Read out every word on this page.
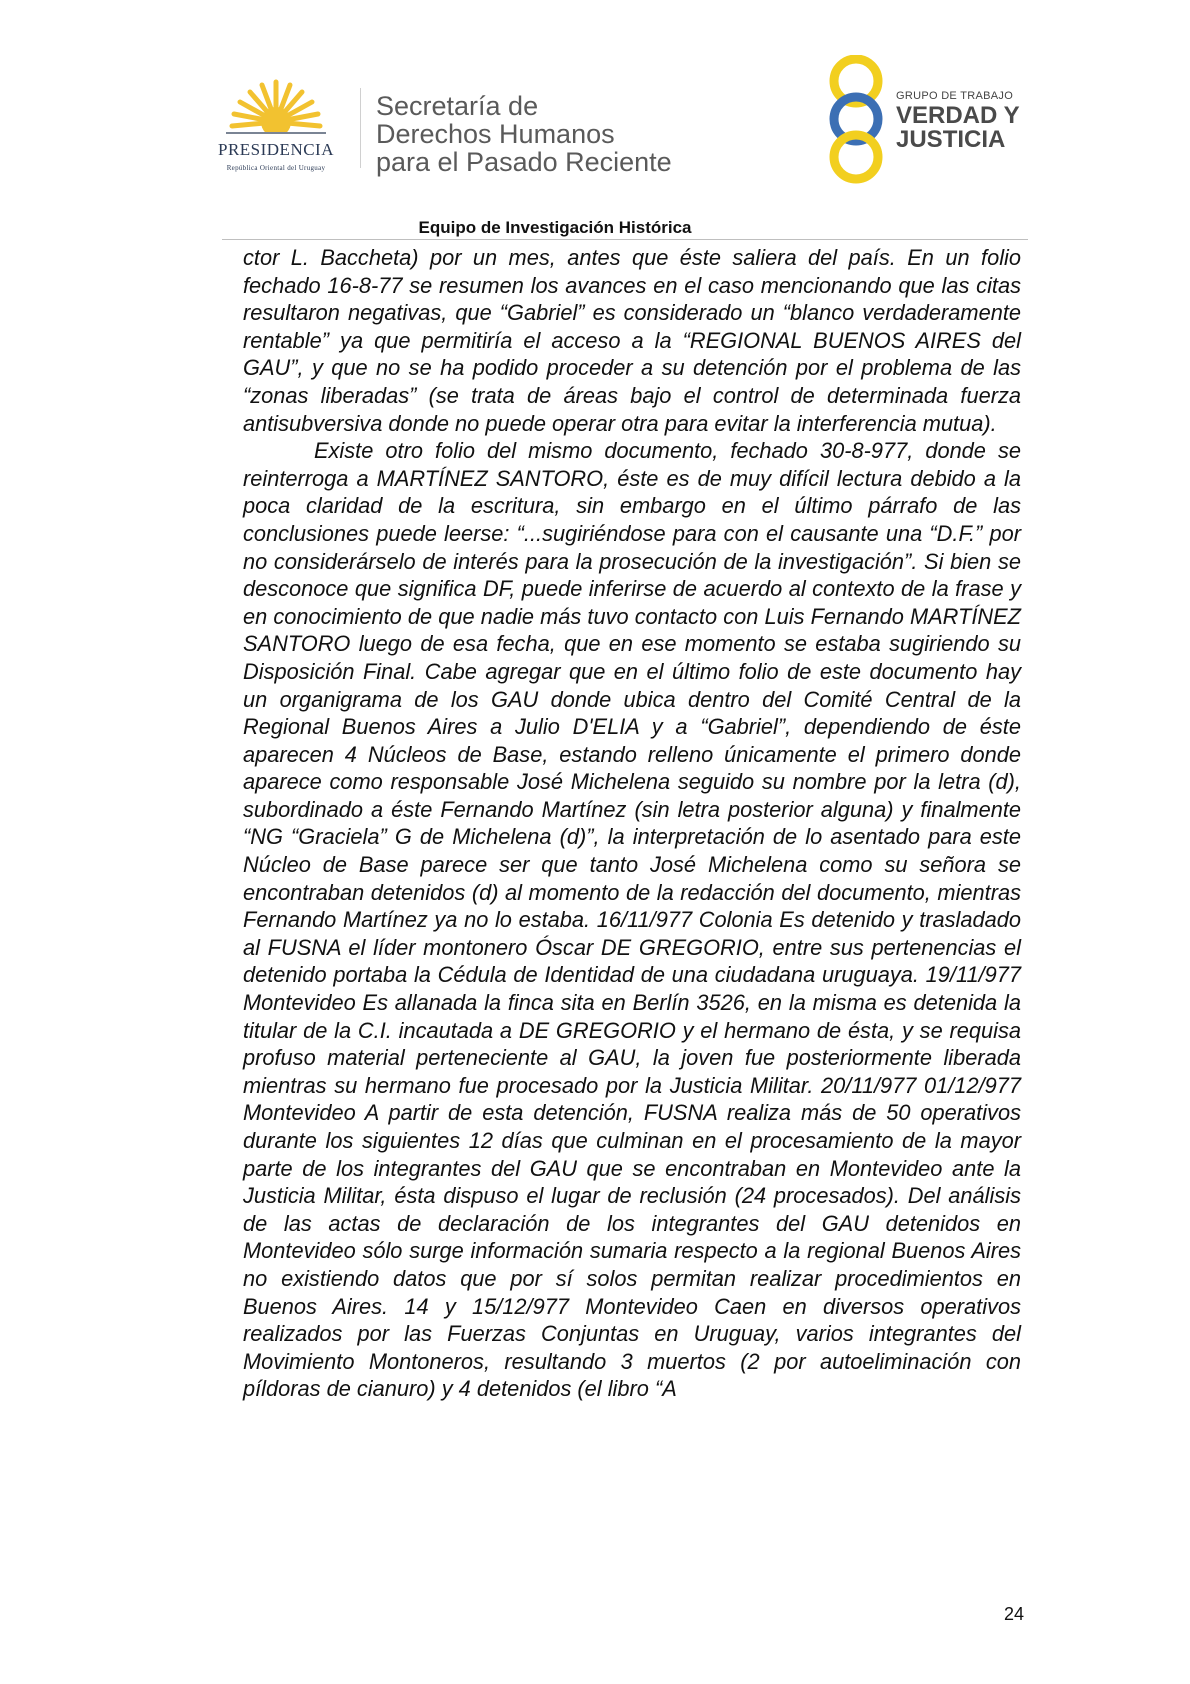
PRESIDENCIA
República Oriental del Uruguay
Secretaría de
Derechos Humanos
para el Pasado Reciente
GRUPO DE TRABAJO
VERDAD Y
JUSTICIA
Equipo de Investigación Histórica

ctor L. Baccheta) por un mes, antes que éste saliera del país. En un folio fechado 16-8-77 se resumen los avances en el caso mencionando que las citas resultaron negativas, que “Gabriel” es considerado un “blanco verdaderamente rentable” ya que permitiría el acceso a la “REGIONAL BUENOS AIRES del GAU”, y que no se ha podido proceder a su detención por el problema de las “zonas liberadas” (se trata de áreas bajo el control de determinada fuerza antisubversiva donde no puede operar otra para evitar la interferencia mutua).

Existe otro folio del mismo documento, fechado 30-8-977, donde se reinterroga a MARTÍNEZ SANTORO, éste es de muy difícil lectura debido a la poca claridad de la escritura, sin embargo en el último párrafo de las conclusiones puede leerse: “...sugiriéndose para con el causante una “D.F.” por no considerárselo de interés para la prosecución de la investigación”. Si bien se desconoce que significa DF, puede inferirse de acuerdo al contexto de la frase y en conocimiento de que nadie más tuvo contacto con Luis Fernando MARTÍNEZ SANTORO luego de esa fecha, que en ese momento se estaba sugiriendo su Disposición Final. Cabe agregar que en el último folio de este documento hay un organigrama de los GAU donde ubica dentro del Comité Central de la Regional Buenos Aires a Julio D'ELIA y a “Gabriel”, dependiendo de éste aparecen 4 Núcleos de Base, estando relleno únicamente el primero donde aparece como responsable José Michelena seguido su nombre por la letra (d), subordinado a éste Fernando Martínez (sin letra posterior alguna) y finalmente “NG “Graciela” G de Michelena (d)”, la interpretación de lo asentado para este Núcleo de Base parece ser que tanto José Michelena como su señora se encontraban detenidos (d) al momento de la redacción del documento, mientras Fernando Martínez ya no lo estaba. 16/11/977 Colonia Es detenido y trasladado al FUSNA el líder montonero Óscar DE GREGORIO, entre sus pertenencias el detenido portaba la Cédula de Identidad de una ciudadana uruguaya. 19/11/977 Montevideo Es allanada la finca sita en Berlín 3526, en la misma es detenida la titular de la C.I. incautada a DE GREGORIO y el hermano de ésta, y se requisa profuso material perteneciente al GAU, la joven fue posteriormente liberada mientras su hermano fue procesado por la Justicia Militar. 20/11/977 01/12/977 Montevideo A partir de esta detención, FUSNA realiza más de 50 operativos durante los siguientes 12 días que culminan en el procesamiento de la mayor parte de los integrantes del GAU que se encontraban en Montevideo ante la Justicia Militar, ésta dispuso el lugar de reclusión (24 procesados). Del análisis de las actas de declaración de los integrantes del GAU detenidos en Montevideo sólo surge información sumaria respecto a la regional Buenos Aires no existiendo datos que por sí solos permitan realizar procedimientos en Buenos Aires. 14 y 15/12/977 Montevideo Caen en diversos operativos realizados por las Fuerzas Conjuntas en Uruguay, varios integrantes del Movimiento Montoneros, resultando 3 muertos (2 por autoeliminación con píldoras de cianuro) y 4 detenidos (el libro “A

24
